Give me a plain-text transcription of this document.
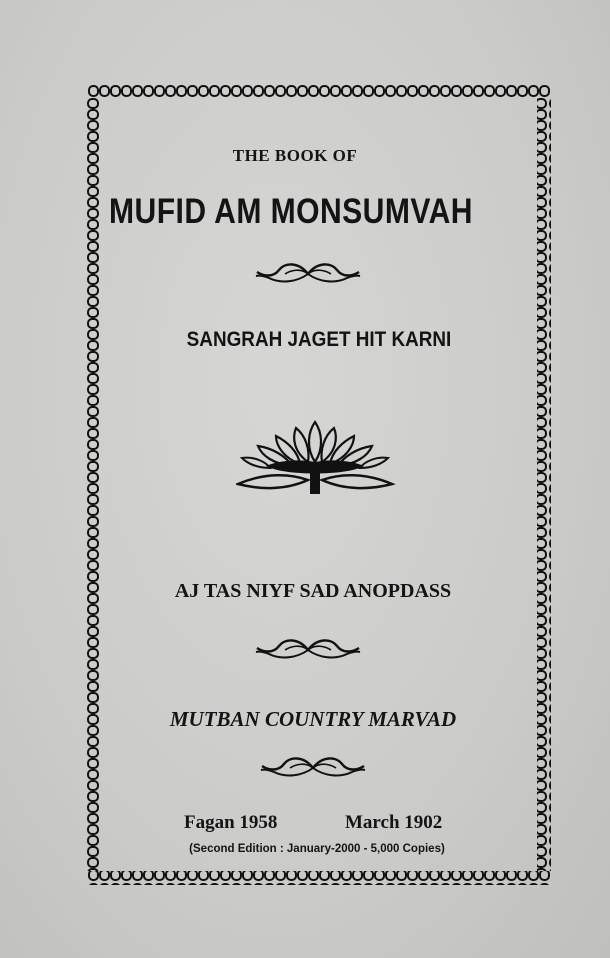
THE BOOK OF
MUFID AM MONSUMVAH
SANGRAH JAGET HIT KARNI
AJ TAS NIYF SAD ANOPDASS
MUTBAN COUNTRY MARVAD
Fagan 1958	March 1902
(Second Edition : January-2000 - 5,000 Copies)
